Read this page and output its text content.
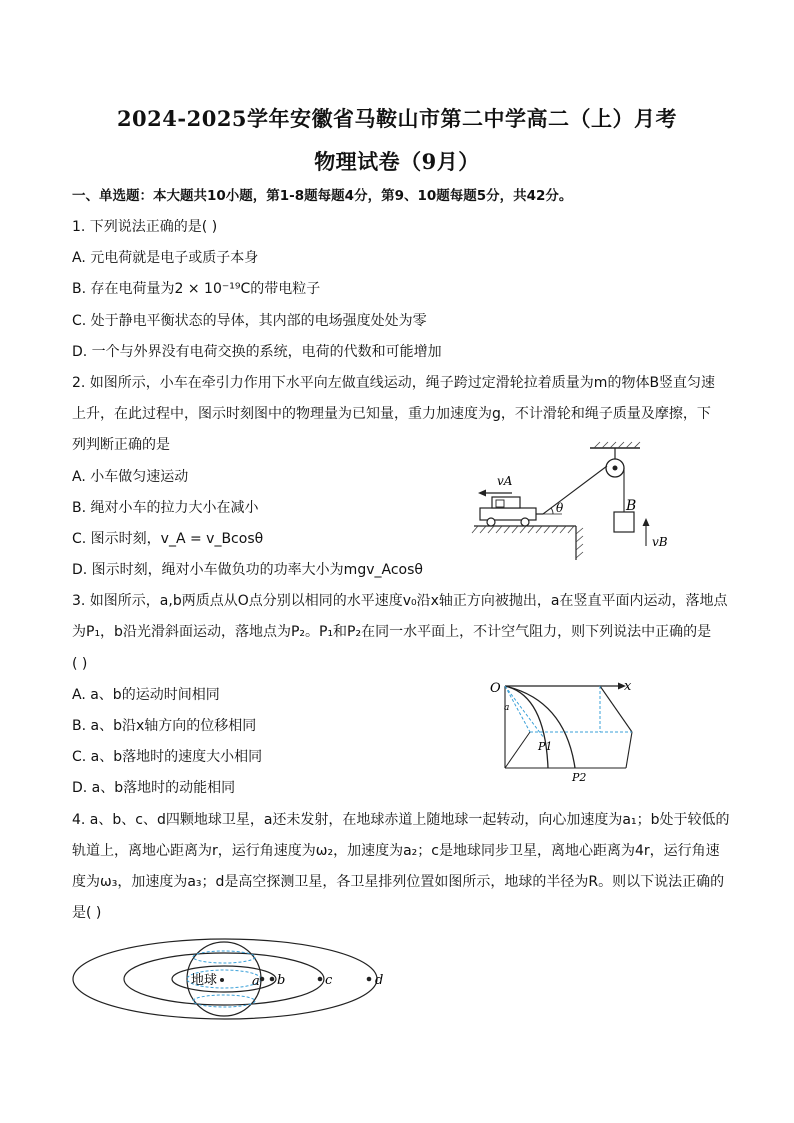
2024-2025学年安徽省马鞍山市第二中学高二（上）月考
物理试卷（9月）
一、单选题：本大题共10小题，第1-8题每题4分，第9、10题每题5分，共42分。
1. 下列说法正确的是( )
A. 元电荷就是电子或质子本身
B. 存在电荷量为2 × 10⁻¹⁹C的带电粒子
C. 处于静电平衡状态的导体，其内部的电场强度处处为零
D. 一个与外界没有电荷交换的系统，电荷的代数和可能增加
2. 如图所示，小车在牵引力作用下水平向左做直线运动，绳子跨过定滑轮拉着质量为m的物体B竖直匀速
上升，在此过程中，图示时刻图中的物理量为已知量，重力加速度为g，不计滑轮和绳子质量及摩擦，下
列判断正确的是
A. 小车做匀速运动
B. 绳对小车的拉力大小在减小
C. 图示时刻，v_A = v_Bcosθ
D. 图示时刻，绳对小车做负功的功率大小为mgv_Acosθ
vA
θ	B
vB
3. 如图所示，a,b两质点从O点分别以相同的水平速度v₀沿x轴正方向被抛出，a在竖直平面内运动，落地点
为P₁，b沿光滑斜面运动，落地点为P₂。P₁和P₂在同一水平面上，不计空气阻力，则下列说法中正确的是
( )
A. a、b的运动时间相同
B. a、b沿x轴方向的位移相同
C. a、b落地时的速度大小相同
D. a、b落地时的动能相同
O	x
a
P1
P2
4. a、b、c、d四颗地球卫星，a还未发射，在地球赤道上随地球一起转动，向心加速度为a₁；b处于较低的
轨道上，离地心距离为r，运行角速度为ω₂，加速度为a₂；c是地球同步卫星，离地心距离为4r，运行角速
度为ω₃，加速度为a₃；d是高空探测卫星，各卫星排列位置如图所示，地球的半径为R。则以下说法正确的
是( )
地球	a b	c	d
